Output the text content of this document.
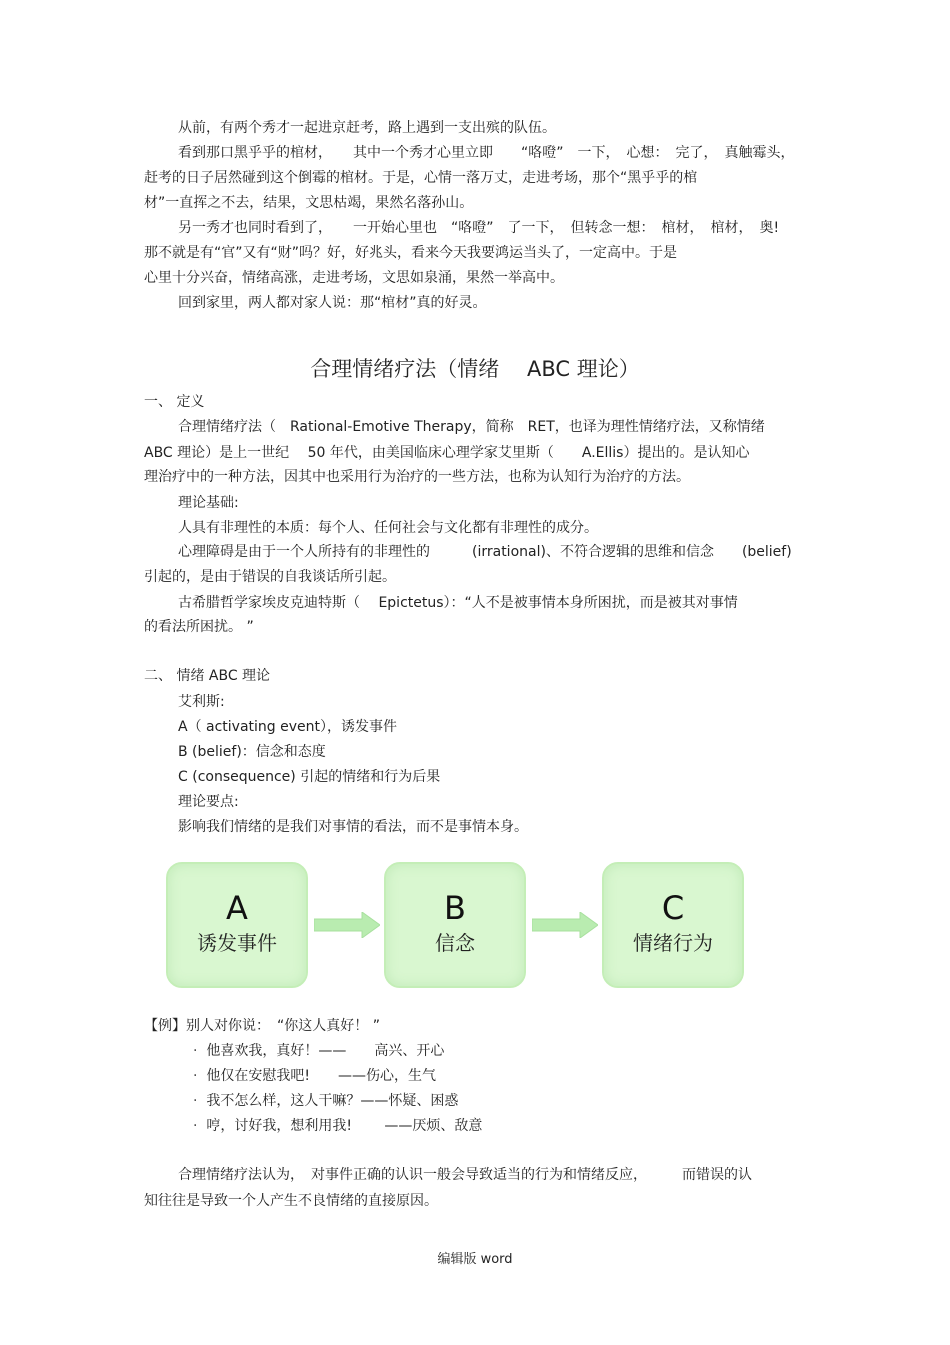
从前，有两个秀才一起进京赶考，路上遇到一支出殡的队伍。
看到那口黑乎乎的棺材，　　其中一个秀才心里立即　　“咯噔”　一下，　心想：　完了，　真触霉头，
赶考的日子居然碰到这个倒霉的棺材。于是，心情一落万丈，走进考场，那个“黑乎乎的棺
材”一直挥之不去，结果，文思枯竭，果然名落孙山。
另一秀才也同时看到了，　　一开始心里也　“咯噔”　了一下，　但转念一想：　棺材，　棺材，　奥!
那不就是有“官”又有“财”吗？好，好兆头，看来今天我要鸿运当头了，一定高中。于是
心里十分兴奋，情绪高涨，走进考场，文思如泉涌，果然一举高中。
回到家里，两人都对家人说：那“棺材”真的好灵。
合理情绪疗法（情绪　 ABC 理论）
一、 定义
合理情绪疗法（　Rational-Emotive Therapy，简称　RET，也译为理性情绪疗法，又称情绪
ABC 理论）是上一世纪　 50 年代，由美国临床心理学家艾里斯（　　A.Ellis）提出的。是认知心
理治疗中的一种方法，因其中也采用行为治疗的一些方法，也称为认知行为治疗的方法。
理论基础:
人具有非理性的本质：每个人、任何社会与文化都有非理性的成分。
心理障碍是由于一个人所持有的非理性的　　　(irrational)、不符合逻辑的思维和信念　　(belief)
引起的，是由于错误的自我谈话所引起。
古希腊哲学家埃皮克迪特斯（　 Epictetus）：“人不是被事情本身所困扰，而是被其对事情
的看法所困扰。 ”
二、 情绪 ABC 理论
艾利斯:
A（ activating event），诱发事件
B (belief)：信念和态度
C (consequence) 引起的情绪和行为后果
理论要点:
影响我们情绪的是我们对事情的看法，而不是事情本身。
A
诱发事件
B
信念
C
情绪行为
【例】别人对你说：　“你这人真好！ ”
· 他喜欢我，真好！——　　高兴、开心
· 他仅在安慰我吧!　　——伤心，生气
· 我不怎么样，这人干嘛？——怀疑、困惑
· 哼，讨好我，想利用我!　　 ——厌烦、敌意
合理情绪疗法认为，　对事件正确的认识一般会导致适当的行为和情绪反应，　　　而错误的认
知往往是导致一个人产生不良情绪的直接原因。
编辑版 word
